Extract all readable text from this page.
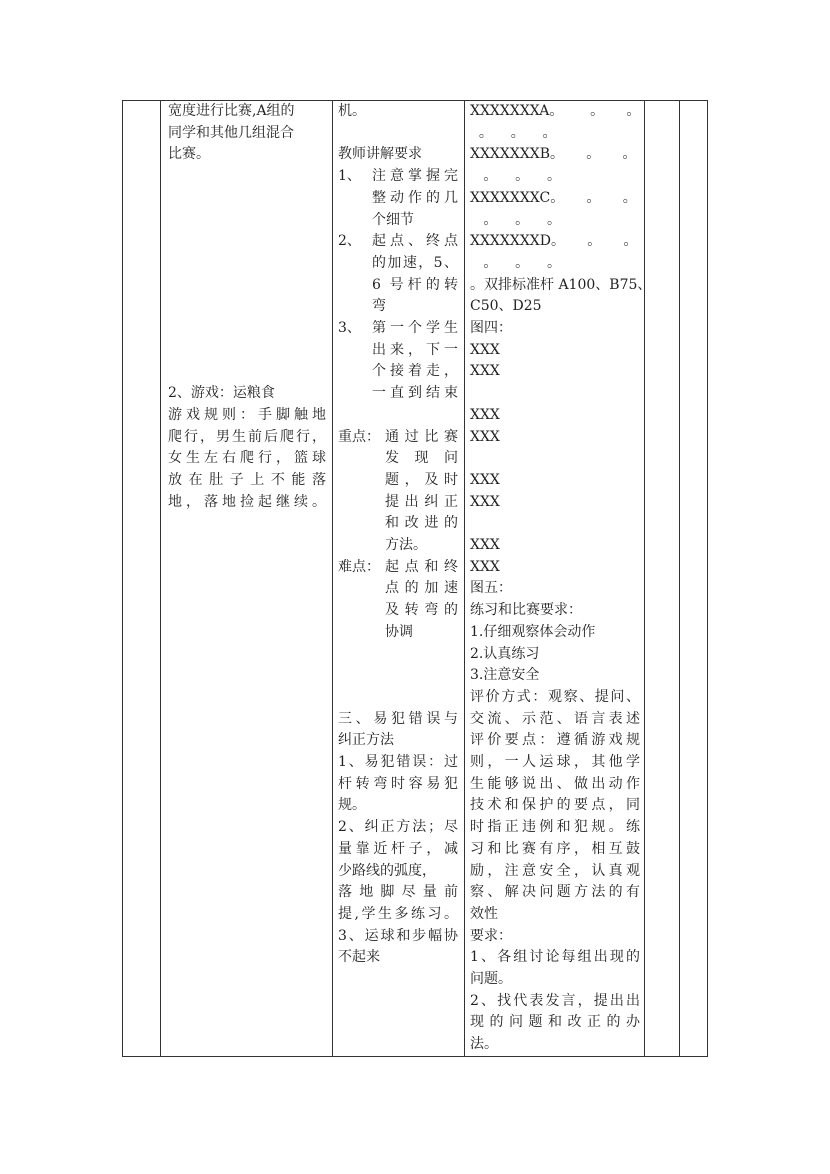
宽度进行比赛,A组的
同学和其他几组混合
比赛。
2、游戏：运粮食
游戏规则：手脚触地
爬行，男生前后爬行，
女生左右爬行，篮球
放在肚子上不能落
地，落地捡起继续。
机。
教师讲解要求
1、 注意掌握完
整动作的几
个细节
2、 起点、终点
的加速，5、
6 号杆的转
弯
3、 第一个学生
出来，下一
个接着走，
一直到结束
重点： 通过比赛
发现问
题，及时
提出纠正
和改进的
方法。
难点： 起点和终
点的加速
及转弯的
协调
三、易犯错误与
纠正方法
1、易犯错误：过
杆转弯时容易犯
规。
2、纠正方法；尽
量靠近杆子，减
少路线的弧度，
落地脚尽量前
提,学生多练习。
3、运球和步幅协
不起来
XXXXXXXA。      。     。
。    。    。
XXXXXXXB。     。     。
。    。    。
XXXXXXXC。     。     。
。    。    。
XXXXXXXD。     。     。
。    。    。
。双排标准杆 A100、B75、
C50、D25
图四：
XXX
XXX
XXX
XXX
XXX
XXX
XXX
XXX
图五：
练习和比赛要求：
1.仔细观察体会动作
2.认真练习
3.注意安全
评价方式：观察、提问、
交流、示范、语言表述
评价要点：遵循游戏规
则，一人运球，其他学
生能够说出、做出动作
技术和保护的要点，同
时指正违例和犯规。练
习和比赛有序，相互鼓
励，注意安全，认真观
察、解决问题方法的有
效性
要求：
1、各组讨论每组出现的
问题。
2、找代表发言，提出出
现的问题和改正的办
法。
